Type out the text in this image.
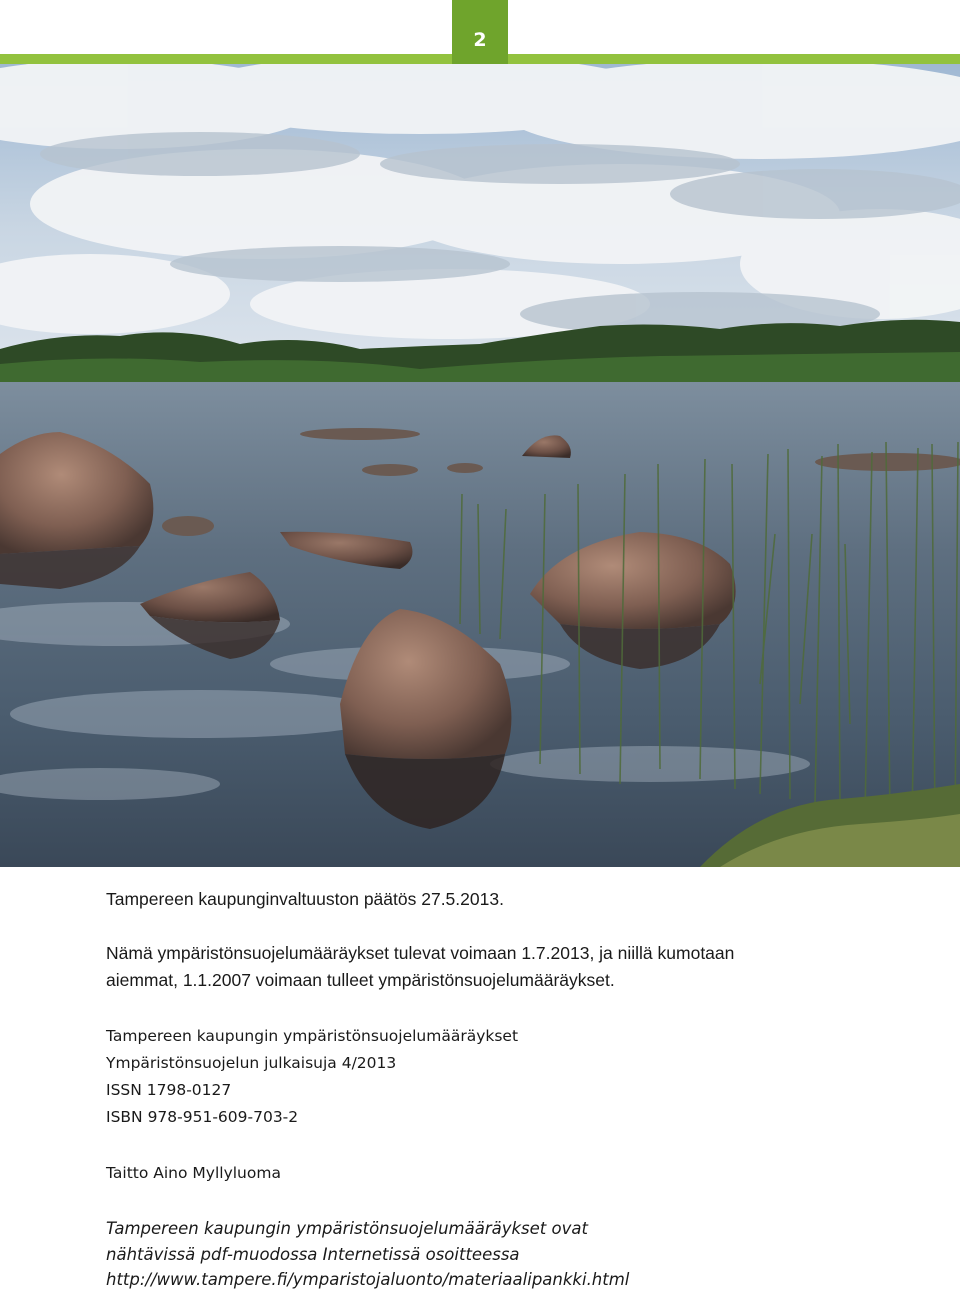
2

Tampereen kaupunginvaltuuston päätös 27.5.2013.

Nämä ympäristönsuojelumääräykset tulevat voimaan 1.7.2013, ja niillä kumotaan

aiemmat, 1.1.2007 voimaan tulleet ympäristönsuojelumääräykset.

Tampereen kaupungin ympäristönsuojelumääräykset

Ympäristönsuojelun julkaisuja 4/2013

ISSN 1798-0127

ISBN 978-951-609-703-2

Taitto Aino Myllyluoma

Tampereen kaupungin ympäristönsuojelumääräykset ovat

nähtävissä pdf-muodossa Internetissä osoitteessa

http://www.tampere.fi/ymparistojaluonto/materiaalipankki.html
